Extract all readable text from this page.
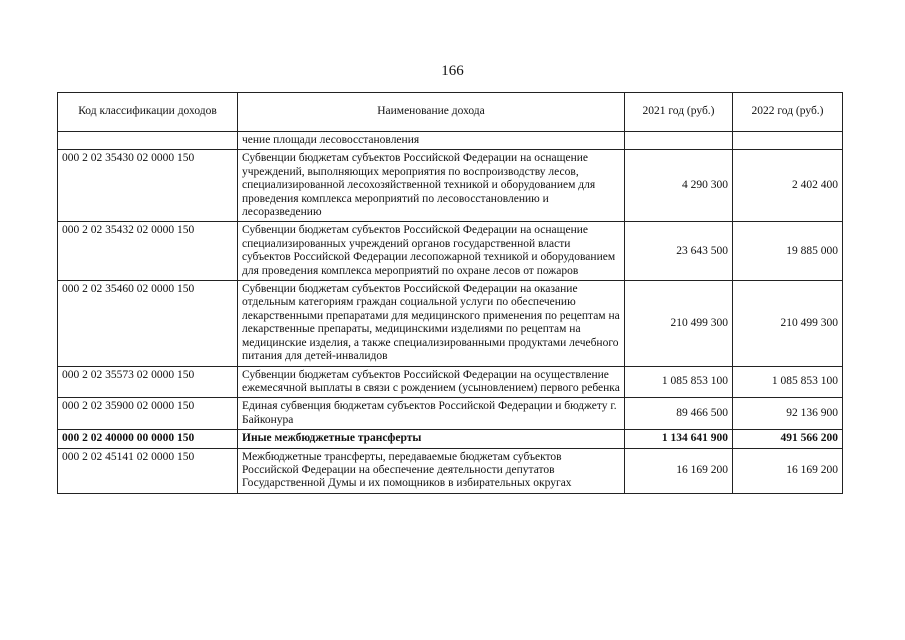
166
Код классификации доходов	Наименование дохода	2021 год (руб.)	2022 год (руб.)
	чение площади лесовосстановления		
000 2 02 35430 02 0000 150	Субвенции бюджетам субъектов Российской Федерации на оснащение учреждений, выполняющих мероприятия по воспроизводству лесов, специализированной лесохозяйственной техникой и оборудованием для проведения комплекса мероприятий по лесовосстановлению и лесоразведению	4 290 300	2 402 400
000 2 02 35432 02 0000 150	Субвенции бюджетам субъектов Российской Федерации на оснащение специализированных учреждений органов государственной власти субъектов Российской Федерации лесопожарной техникой и оборудованием для проведения комплекса мероприятий по охране лесов от пожаров	23 643 500	19 885 000
000 2 02 35460 02 0000 150	Субвенции бюджетам субъектов Российской Федерации на оказание отдельным категориям граждан социальной услуги по обеспечению лекарственными препаратами для медицинского применения по рецептам на лекарственные препараты, медицинскими изделиями по рецептам на медицинские изделия, а также специализированными продуктами лечебного питания для детей-инвалидов	210 499 300	210 499 300
000 2 02 35573 02 0000 150	Субвенции бюджетам субъектов Российской Федерации на осуществление ежемесячной выплаты в связи с рождением (усыновлением) первого ребенка	1 085 853 100	1 085 853 100
000 2 02 35900 02 0000 150	Единая субвенция бюджетам субъектов Российской Федерации и бюджету г. Байконура	89 466 500	92 136 900
000 2 02 40000 00 0000 150	Иные межбюджетные трансферты	1 134 641 900	491 566 200
000 2 02 45141 02 0000 150	Межбюджетные трансферты, передаваемые бюджетам субъектов Российской Федерации на обеспечение деятельности депутатов Государственной Думы и их помощников в избирательных округах	16 169 200	16 169 200
